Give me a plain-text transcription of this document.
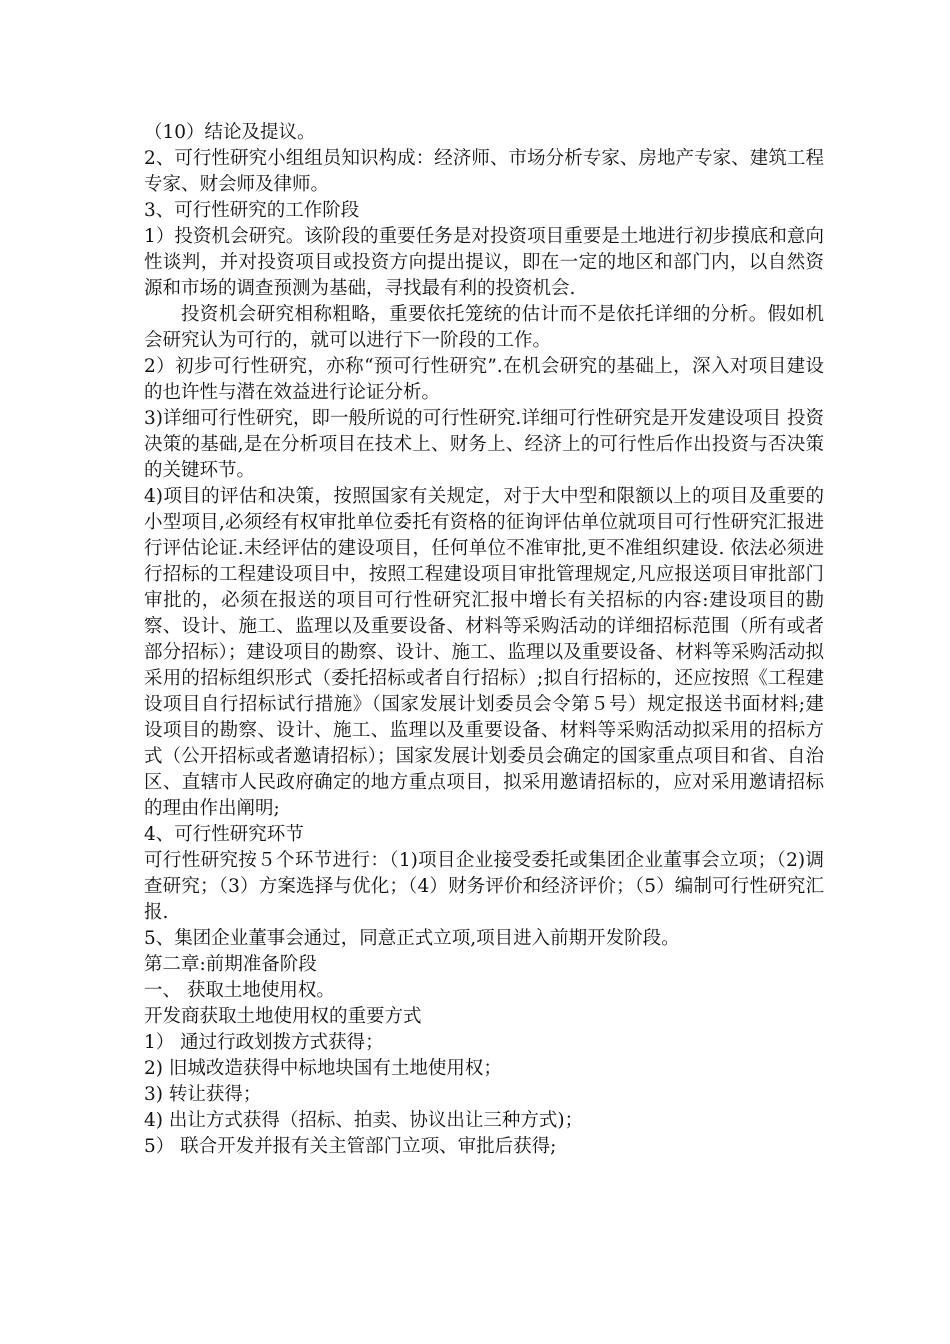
（10）结论及提议。

2、可行性研究小组组员知识构成：经济师、市场分析专家、房地产专家、建筑工程专家、财会师及律师。

3、可行性研究的工作阶段

1）投资机会研究。该阶段的重要任务是对投资项目重要是土地进行初步摸底和意向性谈判，并对投资项目或投资方向提出提议，即在一定的地区和部门内，以自然资源和市场的调查预测为基础，寻找最有利的投资机会.

投资机会研究相称粗略，重要依托笼统的估计而不是依托详细的分析。假如机会研究认为可行的，就可以进行下一阶段的工作。

2）初步可行性研究，亦称“预可行性研究”.在机会研究的基础上，深入对项目建设的也许性与潜在效益进行论证分析。

3)详细可行性研究，即一般所说的可行性研究.详细可行性研究是开发建设项目 投资决策的基础,是在分析项目在技术上、财务上、经济上的可行性后作出投资与否决策的关键环节。

4)项目的评估和决策，按照国家有关规定，对于大中型和限额以上的项目及重要的小型项目,必须经有权审批单位委托有资格的征询评估单位就项目可行性研究汇报进行评估论证.未经评估的建设项目，任何单位不准审批,更不准组织建设. 依法必须进行招标的工程建设项目中，按照工程建设项目审批管理规定,凡应报送项目审批部门审批的，必须在报送的项目可行性研究汇报中增长有关招标的内容:建设项目的勘察、设计、施工、监理以及重要设备、材料等采购活动的详细招标范围（所有或者部分招标）；建设项目的勘察、设计、施工、监理以及重要设备、材料等采购活动拟采用的招标组织形式（委托招标或者自行招标）;拟自行招标的，还应按照《工程建设项目自行招标试行措施》（国家发展计划委员会令第５号）规定报送书面材料;建设项目的勘察、设计、施工、监理以及重要设备、材料等采购活动拟采用的招标方式（公开招标或者邀请招标）；国家发展计划委员会确定的国家重点项目和省、自治区、直辖市人民政府确定的地方重点项目，拟采用邀请招标的，应对采用邀请招标的理由作出阐明;

4、可行性研究环节

可行性研究按５个环节进行：（1)项目企业接受委托或集团企业董事会立项；（2)调查研究；（3）方案选择与优化；（4）财务评价和经济评价；（5）编制可行性研究汇报.

5、集团企业董事会通过，同意正式立项,项目进入前期开发阶段。

第二章:前期准备阶段

一、 获取土地使用权。

开发商获取土地使用权的重要方式

1） 通过行政划拨方式获得；

2) 旧城改造获得中标地块国有土地使用权；

3) 转让获得；

4) 出让方式获得（招标、拍卖、协议出让三种方式)；

5） 联合开发并报有关主管部门立项、审批后获得;
